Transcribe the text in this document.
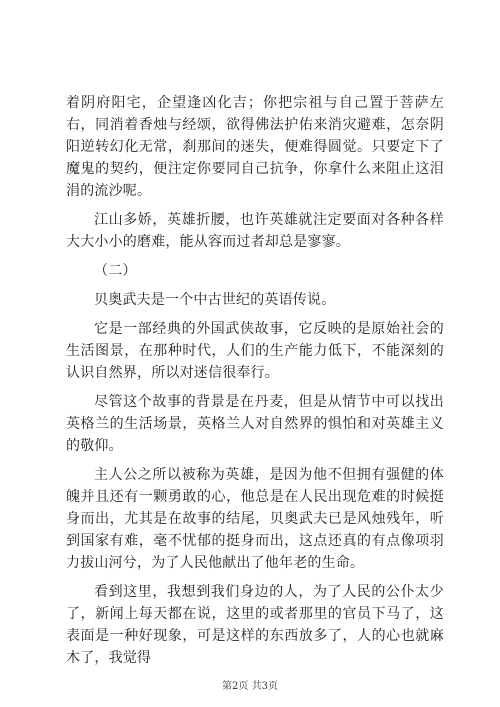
着阴府阳宅，企望逢凶化吉；你把宗祖与自己置于菩萨左右，同消着香烛与经颂，欲得佛法护佑来消灾避难，怎奈阴阳逆转幻化无常，刹那间的迷失，便难得圆觉。只要定下了魔鬼的契约，便注定你要同自己抗争，你拿什么来阻止这泪涓的流沙呢。

江山多娇，英雄折腰，也许英雄就注定要面对各种各样大大小小的磨难，能从容而过者却总是寥寥。

（二）

贝奥武夫是一个中古世纪的英语传说。

它是一部经典的外国武侠故事，它反映的是原始社会的生活图景，在那种时代，人们的生产能力低下，不能深刻的认识自然界，所以对迷信很奉行。

尽管这个故事的背景是在丹麦，但是从情节中可以找出英格兰的生活场景，英格兰人对自然界的惧怕和对英雄主义的敬仰。

主人公之所以被称为英雄，是因为他不但拥有强健的体魄并且还有一颗勇敢的心，他总是在人民出现危难的时候挺身而出，尤其是在故事的结尾，贝奥武夫已是风烛残年，听到国家有难，毫不忧郁的挺身而出，这点还真的有点像项羽力拔山河兮，为了人民他献出了他年老的生命。

看到这里，我想到我们身边的人，为了人民的公仆太少了，新闻上每天都在说，这里的或者那里的官员下马了，这表面是一种好现象，可是这样的东西放多了，人的心也就麻木了，我觉得

第2页 共3页
